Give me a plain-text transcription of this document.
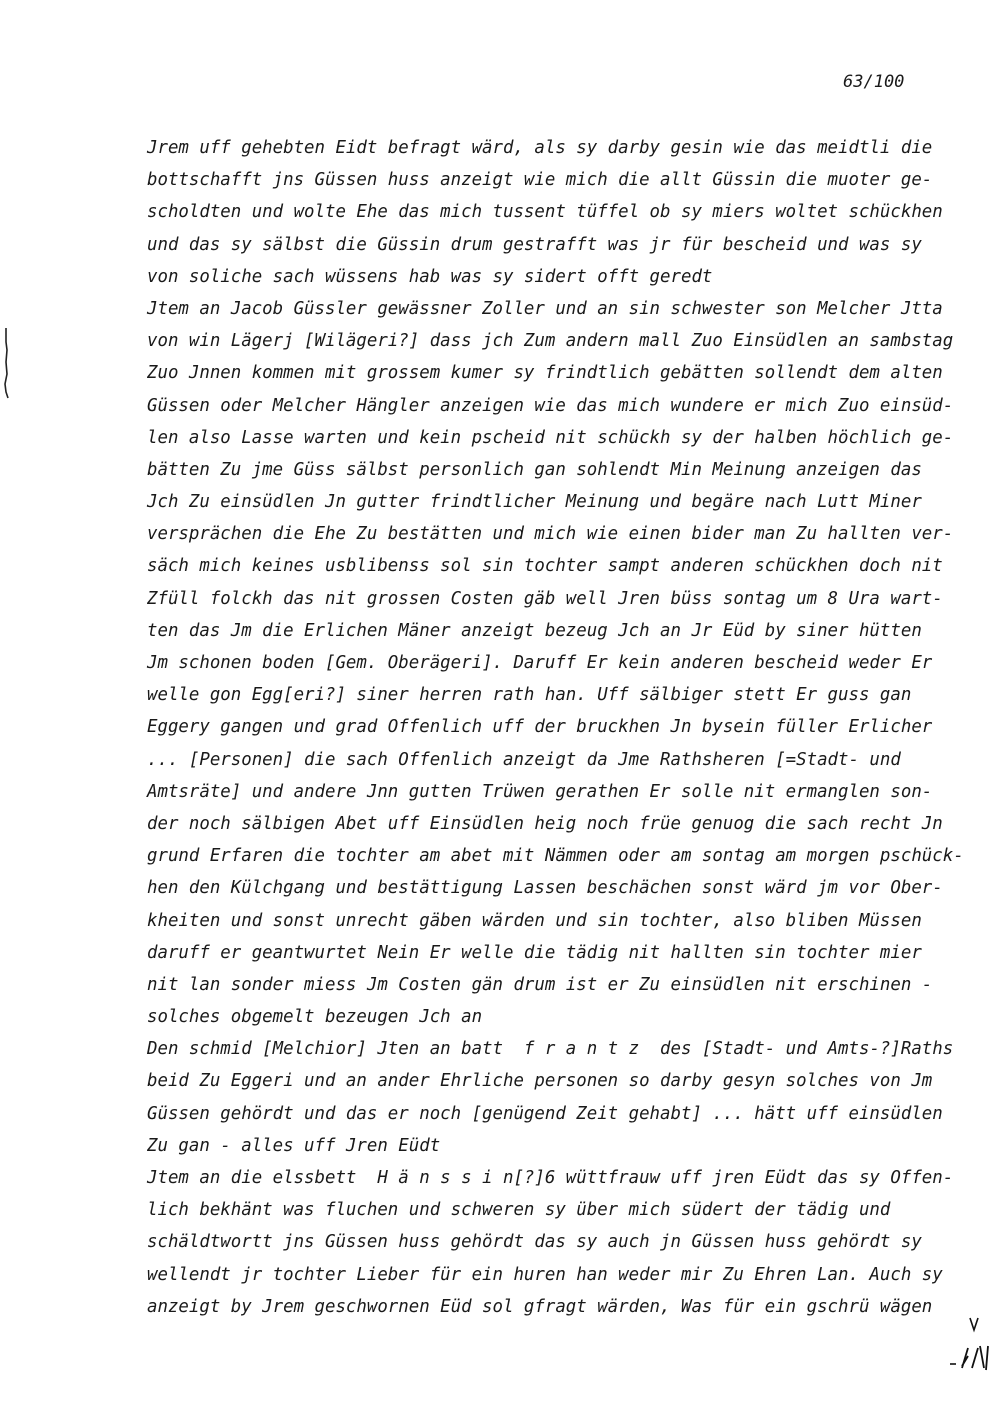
63/100
Jrem uff gehebten Eidt befragt wärd, als sy darby gesin wie das meidtli die
bottschafft jns Güssen huss anzeigt wie mich die allt Güssin die muoter ge-
scholdten und wolte Ehe das mich tussent tüffel ob sy miers woltet schückhen
und das sy sälbst die Güssin drum gestrafft was jr für bescheid und was sy
von soliche sach wüssens hab was sy sidert offt geredt
Jtem an Jacob Güssler gewässner Zoller und an sin schwester son Melcher Jtta
von win Lägerj [Wilägeri?] dass jch Zum andern mall Zuo Einsüdlen an sambstag
Zuo Jnnen kommen mit grossem kumer sy frindtlich gebätten sollendt dem alten
Güssen oder Melcher Hängler anzeigen wie das mich wundere er mich Zuo einsüd-
len also Lasse warten und kein pscheid nit schückh sy der halben höchlich ge-
bätten Zu jme Güss sälbst personlich gan sohlendt Min Meinung anzeigen das
Jch Zu einsüdlen Jn gutter frindtlicher Meinung und begäre nach Lutt Miner
versprächen die Ehe Zu bestätten und mich wie einen bider man Zu hallten ver-
säch mich keines usblibenss sol sin tochter sampt anderen schückhen doch nit
Zfüll folckh das nit grossen Costen gäb well Jren büss sontag um 8 Ura wart-
ten das Jm die Erlichen Mäner anzeigt bezeug Jch an Jr Eüd by siner hütten
Jm schonen boden [Gem. Oberägeri]. Daruff Er kein anderen bescheid weder Er
welle gon Egg[eri?] siner herren rath han. Uff sälbiger stett Er guss gan
Eggery gangen und grad Offenlich uff der bruckhen Jn bysein füller Erlicher
... [Personen] die sach Offenlich anzeigt da Jme Rathsheren [=Stadt- und
Amtsräte] und andere Jnn gutten Trüwen gerathen Er solle nit ermanglen son-
der noch sälbigen Abet uff Einsüdlen heig noch früe genuog die sach recht Jn
grund Erfaren die tochter am abet mit Nämmen oder am sontag am morgen pschück-
hen den Külchgang und bestättigung Lassen beschächen sonst wärd jm vor Ober-
kheiten und sonst unrecht gäben wärden und sin tochter, also bliben Müssen
daruff er geantwurtet Nein Er welle die tädig nit hallten sin tochter mier
nit lan sonder miess Jm Costen gän drum ist er Zu einsüdlen nit erschinen -
solches obgemelt bezeugen Jch an
Den schmid [Melchior] Jten an batt  f r a n t z  des [Stadt- und Amts-?]Raths
beid Zu Eggeri und an ander Ehrliche personen so darby gesyn solches von Jm
Güssen gehördt und das er noch [genügend Zeit gehabt] ... hätt uff einsüdlen
Zu gan - alles uff Jren Eüdt
Jtem an die elssbett  H ä n s s i n[?]6 wüttfrauw uff jren Eüdt das sy Offen-
lich bekhänt was fluchen und schweren sy über mich südert der tädig und
schäldtwortt jns Güssen huss gehördt das sy auch jn Güssen huss gehördt sy
wellendt jr tochter Lieber für ein huren han weder mir Zu Ehren Lan. Auch sy
anzeigt by Jrem geschwornen Eüd sol gfragt wärden, Was für ein gschrü wägen
